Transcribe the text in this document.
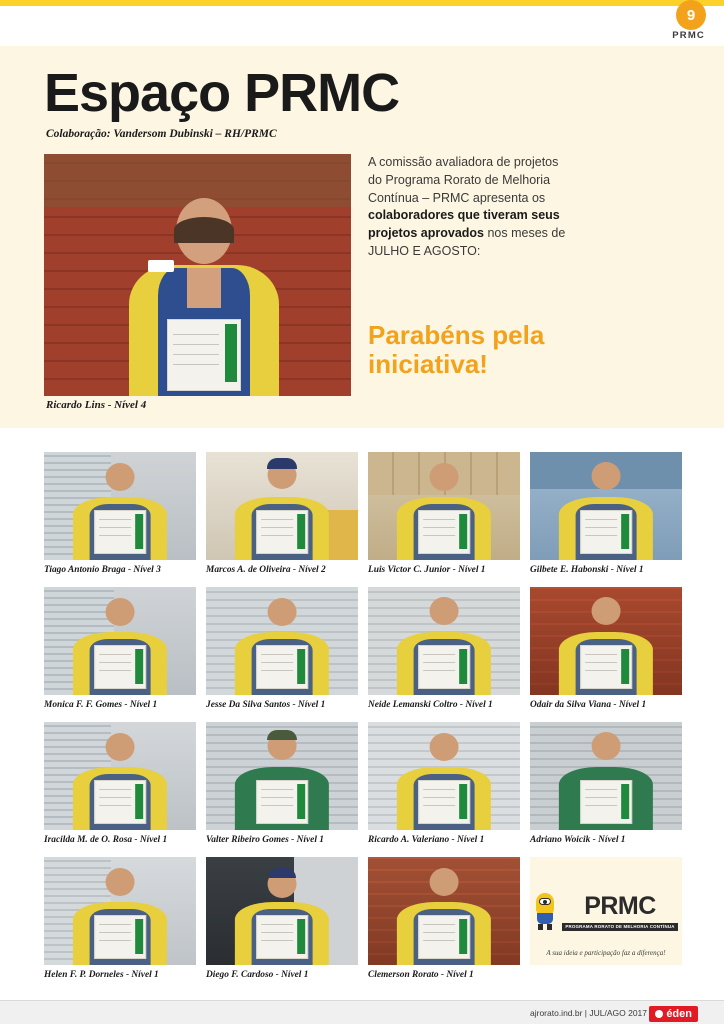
9
PRMC
Espaço PRMC
Colaboração: Vandersom Dubinski – RH/PRMC
Ricardo Lins - Nível 4
A comissão avaliadora de projetos do Programa Rorato de Melhoria Contínua – PRMC apresenta os colaboradores que tiveram seus projetos aprovados nos meses de JULHO E AGOSTO:
Parabéns pela iniciativa!
Tiago Antonio Braga - Nível 3	Marcos A. de Oliveira - Nível 2	Luis Victor C. Junior - Nível 1	Gilbete E. Habonski - Nível 1
Monica F. F. Gomes - Nível 1	Jesse Da Silva Santos - Nível 1	Neide Lemanski Coltro - Nível 1	Odair da Silva Viana - Nível 1
Iracilda M. de O. Rosa - Nível 1	Valter Ribeiro Gomes - Nível 1	Ricardo A. Valeriano - Nível 1	Adriano Woicik - Nível 1
Helen F. P. Dorneles - Nível 1	Diego F. Cardoso - Nível 1	Clemerson Rorato - Nível 1
PRMC
PROGRAMA RORATO DE MELHORIA CONTÍNUA
A sua ideia e participação faz a diferença!
ajrorato.ind.br | JUL/AGO 2017 éden
